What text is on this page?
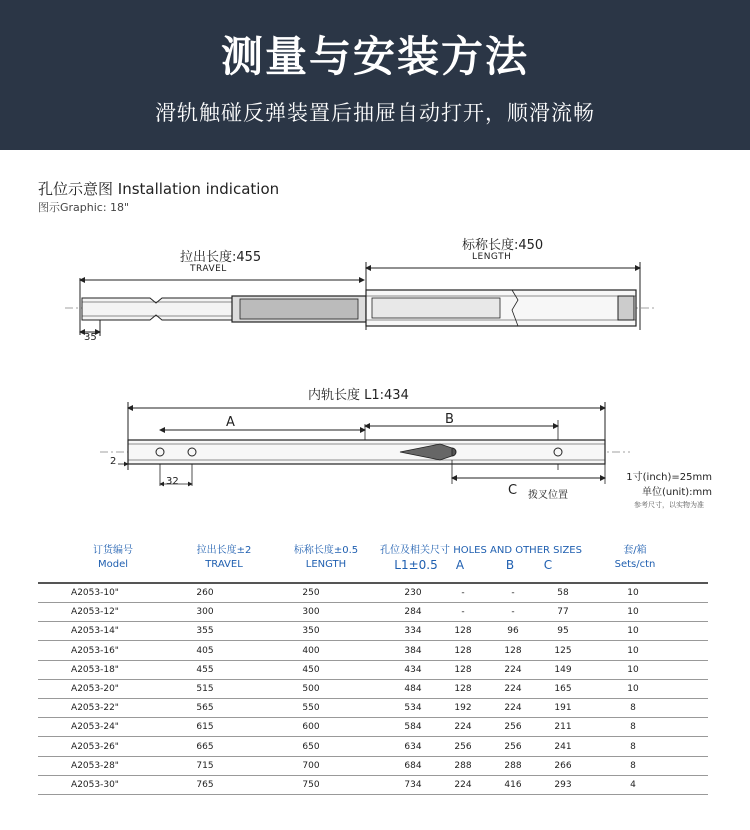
测量与安装方法
滑轨触碰反弹装置后抽屉自动打开，顺滑流畅
孔位示意图 Installation indication
图示Graphic: 18"
拉出长度:455
TRAVEL
标称长度:450
LENGTH
35
内轨长度 L1:434
A	B
C 拨叉位置
2
32	1寸(inch)=25mm
单位(unit):mm
参考尺寸，以实物为准
订货编号
Model
拉出长度±2
TRAVEL
标称长度±0.5
LENGTH
孔位及相关尺寸 HOLES AND OTHER SIZES
L1±0.5	A	B	C
套/箱
Sets/ctn
A2053-10"	260	250	230	-	-	58	10
A2053-12"	300	300	284	-	-	77	10
A2053-14"	355	350	334	128	96	95	10
A2053-16"	405	400	384	128	128	125	10
A2053-18"	455	450	434	128	224	149	10
A2053-20"	515	500	484	128	224	165	10
A2053-22"	565	550	534	192	224	191	8
A2053-24"	615	600	584	224	256	211	8
A2053-26"	665	650	634	256	256	241	8
A2053-28"	715	700	684	288	288	266	8
A2053-30"	765	750	734	224	416	293	4
